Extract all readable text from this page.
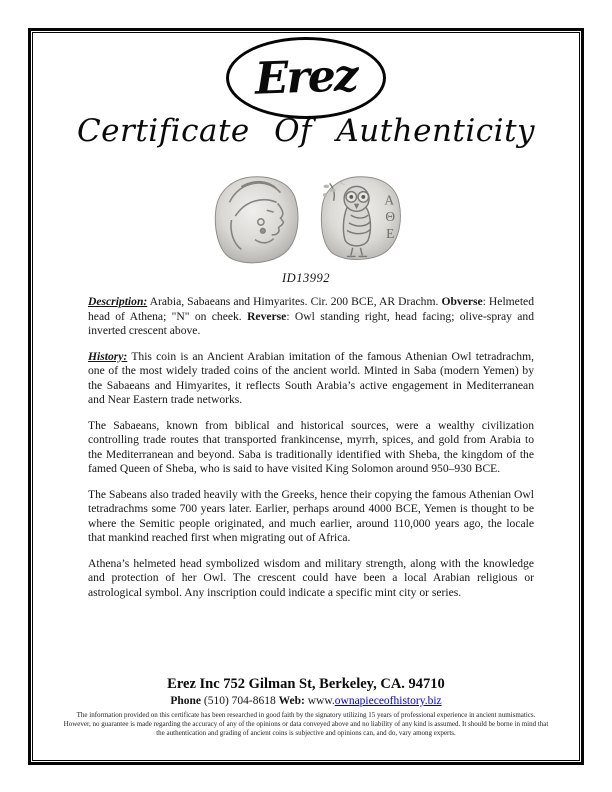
Erez
Certificate Of Authenticity
Α
Θ
Ε
ID13992

Description: Arabia, Sabaeans and Himyarites. Cir. 200 BCE, AR Drachm. Obverse: Helmeted head of Athena; "N" on cheek. Reverse: Owl standing right, head facing; olive-spray and inverted crescent above.

History: This coin is an Ancient Arabian imitation of the famous Athenian Owl tetradrachm, one of the most widely traded coins of the ancient world. Minted in Saba (modern Yemen) by the Sabaeans and Himyarites, it reflects South Arabia’s active engagement in Mediterranean and Near Eastern trade networks.

The Sabaeans, known from biblical and historical sources, were a wealthy civilization controlling trade routes that transported frankincense, myrrh, spices, and gold from Arabia to the Mediterranean and beyond. Saba is traditionally identified with Sheba, the kingdom of the famed Queen of Sheba, who is said to have visited King Solomon around 950–930 BCE.

The Sabeans also traded heavily with the Greeks, hence their copying the famous Athenian Owl tetradrachms some 700 years later. Earlier, perhaps around 4000 BCE, Yemen is thought to be where the Semitic people originated, and much earlier, around 110,000 years ago, the locale that mankind reached first when migrating out of Africa.

Athena’s helmeted head symbolized wisdom and military strength, along with the knowledge and protection of her Owl. The crescent could have been a local Arabian religious or astrological symbol. Any inscription could indicate a specific mint city or series.

Erez Inc 752 Gilman St, Berkeley, CA. 94710
Phone (510) 704-8618 Web: www.ownapieceofhistory.biz
The information provided on this certificate has been researched in good faith by the signatory utilizing 15 years of professional experience in ancient numismatics.
However, no guarantee is made regarding the accuracy of any of the opinions or data conveyed above and no liability of any kind is assumed. It should be borne in mind that
the authentication and grading of ancient coins is subjective and opinions can, and do, vary among experts.
